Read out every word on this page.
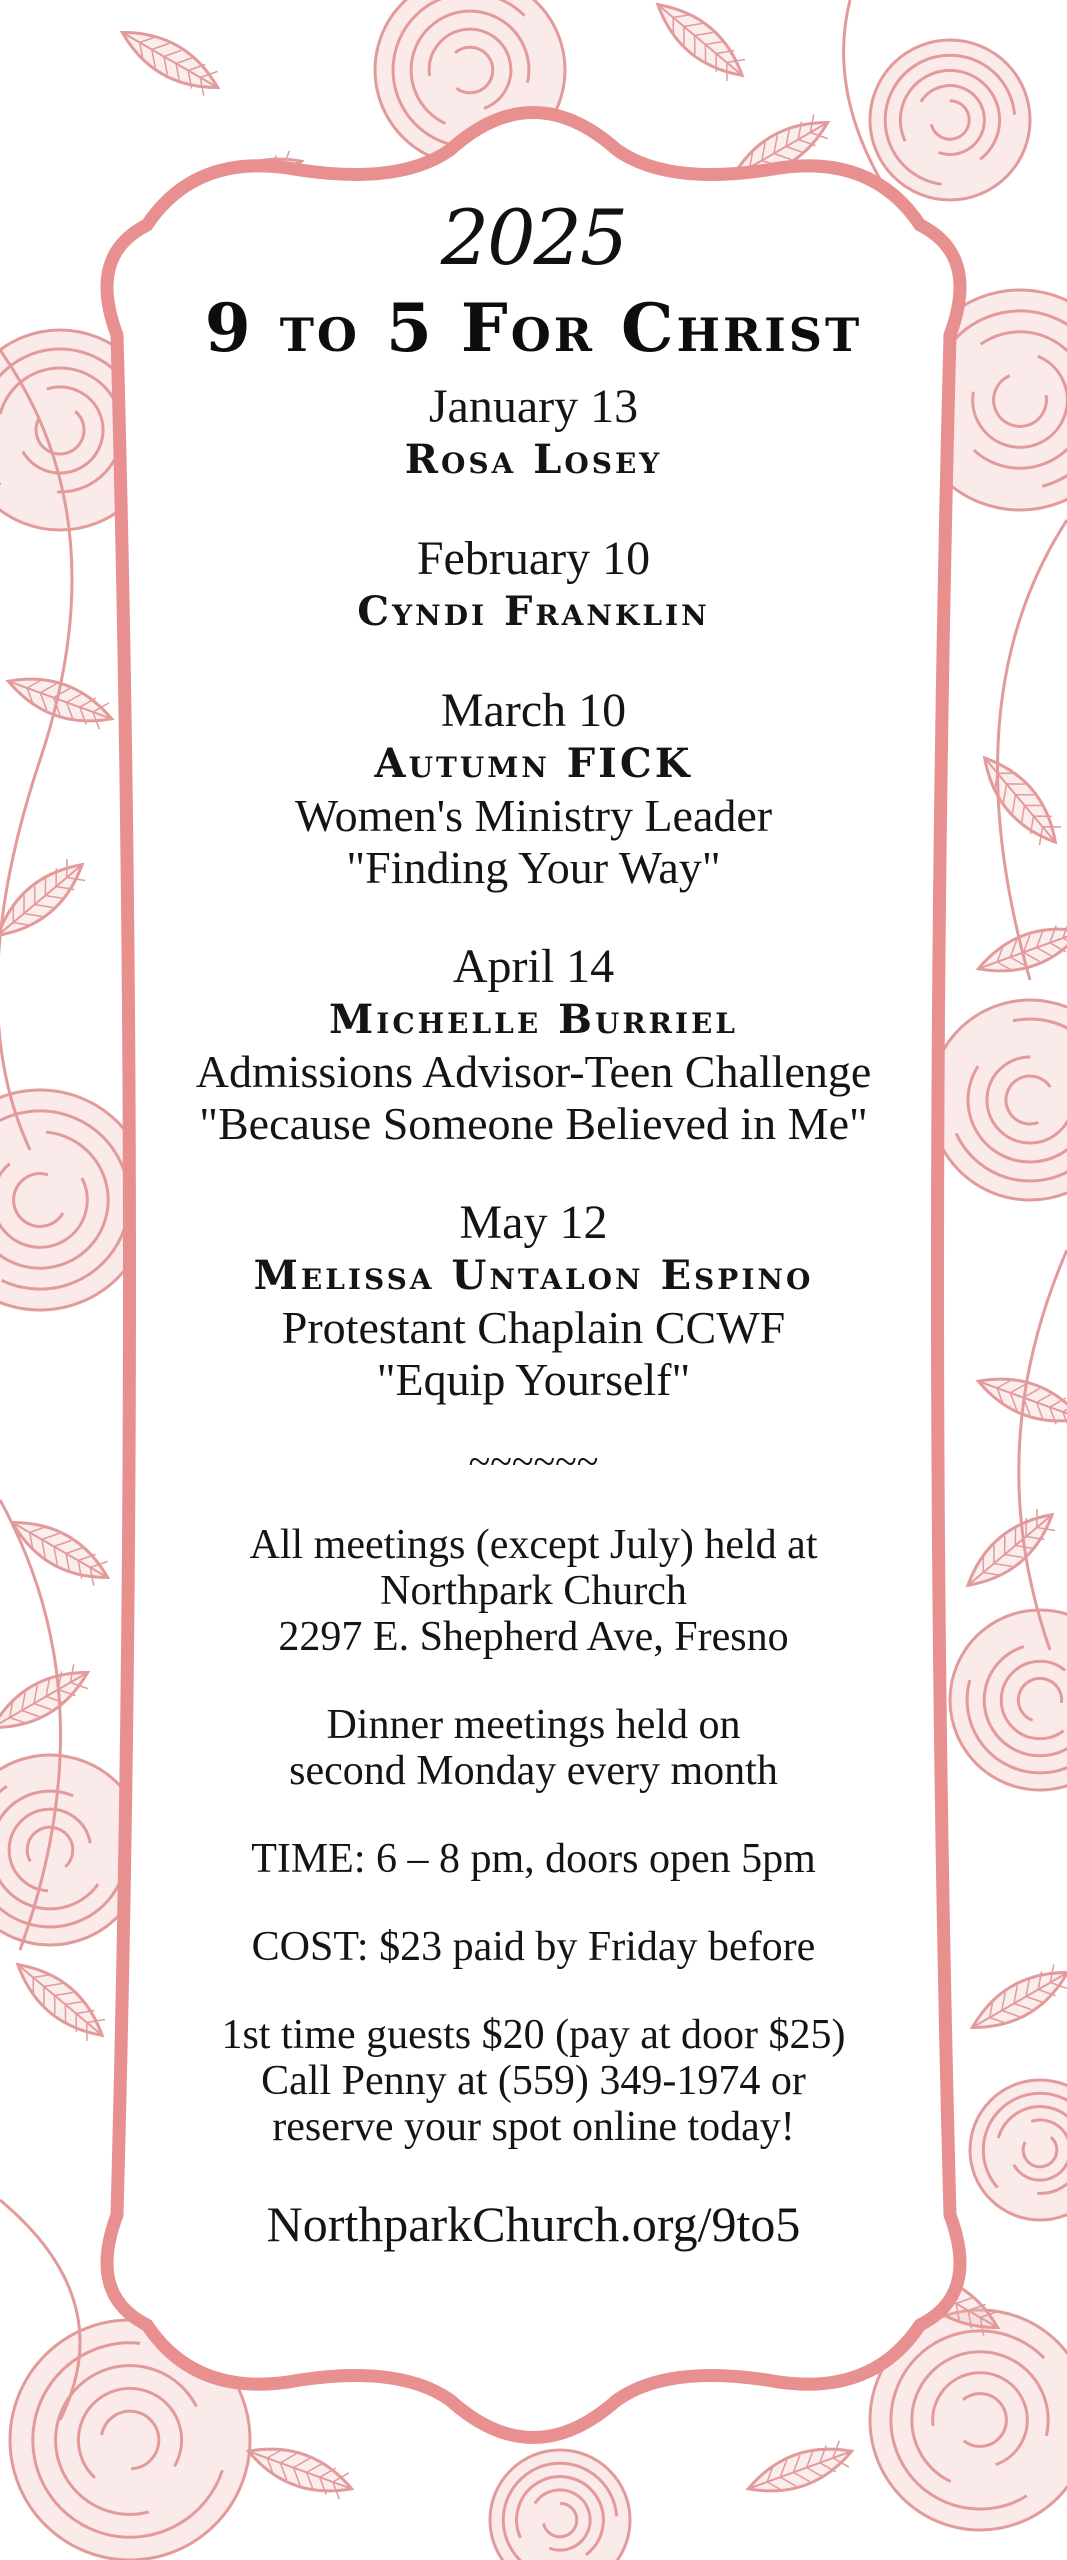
2025
9 to 5 For Christ
January 13
Rosa Losey
February 10
Cyndi Franklin
March 10
Autumn FICK
Women's Ministry Leader
"Finding Your Way"
April 14
Michelle Burriel
Admissions Advisor-Teen Challenge
"Because Someone Believed in Me"
May 12
Melissa Untalon Espino
Protestant Chaplain CCWF
"Equip Yourself"
~~~~~~
All meetings (except July) held at
Northpark Church
2297 E. Shepherd Ave, Fresno
Dinner meetings held on
second Monday every month
TIME: 6 – 8 pm, doors open 5pm
COST: $23 paid by Friday before
1st time guests $20 (pay at door $25)
Call Penny at (559) 349-1974 or
reserve your spot online today!
NorthparkChurch.org/9to5
